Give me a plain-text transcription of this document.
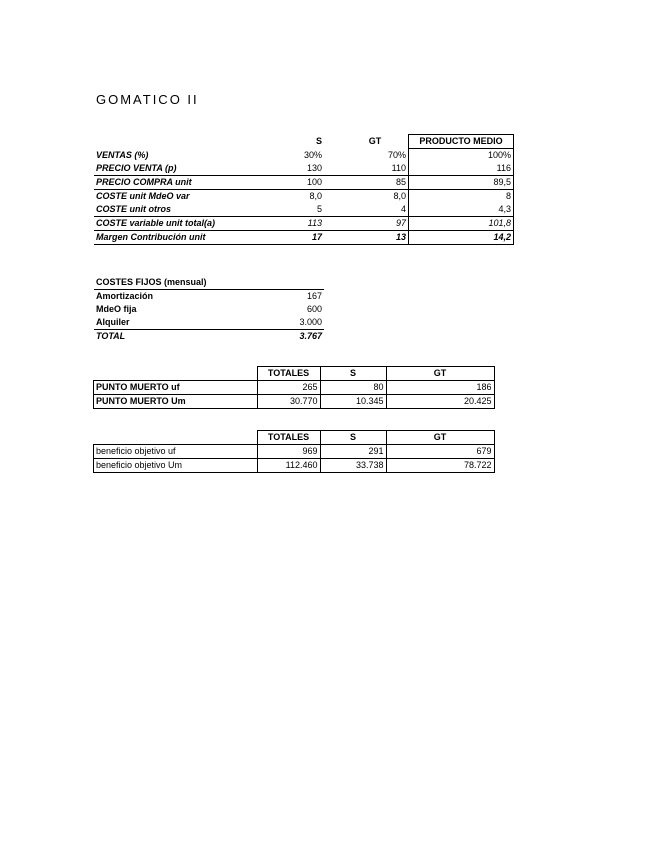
GOMATICO II
	S	GT	PRODUCTO MEDIO
VENTAS (%)	30%	70%	100%
PRECIO VENTA (p)	130	110	116
PRECIO COMPRA unit	100	85	89,5
COSTE unit MdeO var	8,0	8,0	8
COSTE unit otros	5	4	4,3
COSTE variable unit total(a)	113	97	101,8
Margen Contribución unit	17	13	14,2
COSTES FIJOS (mensual)	
Amortización	167
MdeO fija	600
Alquiler	3.000
TOTAL	3.767
	TOTALES	S	GT
PUNTO MUERTO uf	265	80	186
PUNTO MUERTO Um	30.770	10.345	20.425
	TOTALES	S	GT
beneficio objetivo uf	969	291	679
beneficio objetivo Um	112.460	33.738	78.722
